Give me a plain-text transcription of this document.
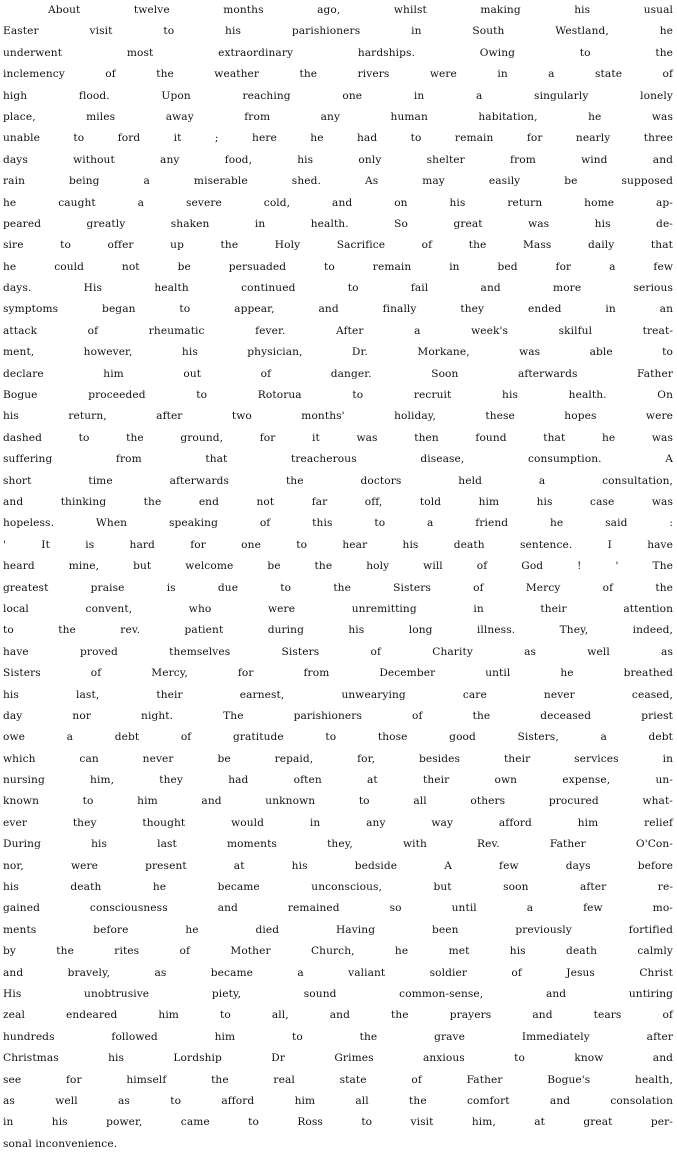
About twelve months ago, whilst making his usual
Easter visit to his parishioners in South Westland, he
underwent most extraordinary hardships. Owing to the
inclemency of the weather the rivers were in a state of
high flood. Upon reaching one in a singularly lonely
place, miles away from any human habitation, he was
unable to ford it ; here he had to remain for nearly three
days without any food, his only shelter from wind and
rain being a miserable shed. As may easily be supposed
he caught a severe cold, and on his return home ap-
peared greatly shaken in health. So great was his de-
sire to offer up the Holy Sacrifice of the Mass daily that
he could not be persuaded to remain in bed for a few
days. His health continued to fail and more serious
symptoms began to appear, and finally they ended in an
attack of rheumatic fever. After a week's skilful treat-
ment, however, his physician, Dr. Morkane, was able to
declare him out of danger. Soon afterwards Father
Bogue proceeded to Rotorua to recruit his health. On
his return, after two months' holiday, these hopes were
dashed to the ground, for it was then found that he was
suffering from that treacherous disease, consumption. A
short time afterwards the doctors held a consultation,
and thinking the end not far off, told him his case was
hopeless. When speaking of this to a friend he said :
' It is hard for one to hear his death sentence. I have
heard mine, but welcome be the holy will of God ! ' The
greatest praise is due to the Sisters of Mercy of the
local convent, who were unremitting in their attention
to the rev. patient during his long illness. They, indeed,
have proved themselves Sisters of Charity as well as
Sisters of Mercy, for from December until he breathed
his last, their earnest, unwearying care never ceased,
day nor night. The parishioners of the deceased priest
owe a debt of gratitude to those good Sisters, a debt
which can never be repaid, for, besides their services in
nursing him, they had often at their own expense, un-
known to him and unknown to all others procured what-
ever they thought would in any way afford him relief
During his last moments they, with Rev. Father O'Con-
nor, were present at his bedside A few days before
his death he became unconscious, but soon after re-
gained consciousness and remained so until a few mo-
ments before he died Having been previously fortified
by the rites of Mother Church, he met his death calmly
and bravely, as became a valiant soldier of Jesus Christ
His unobtrusive piety, sound common-sense, and untiring
zeal endeared him to all, and the prayers and tears of
hundreds followed him to the grave Immediately after
Christmas his Lordship Dr Grimes anxious to know and
see for himself the real state of Father Bogue's health,
as well as to afford him all the comfort and consolation
in his power, came to Ross to visit him, at great per-
sonal inconvenience.
